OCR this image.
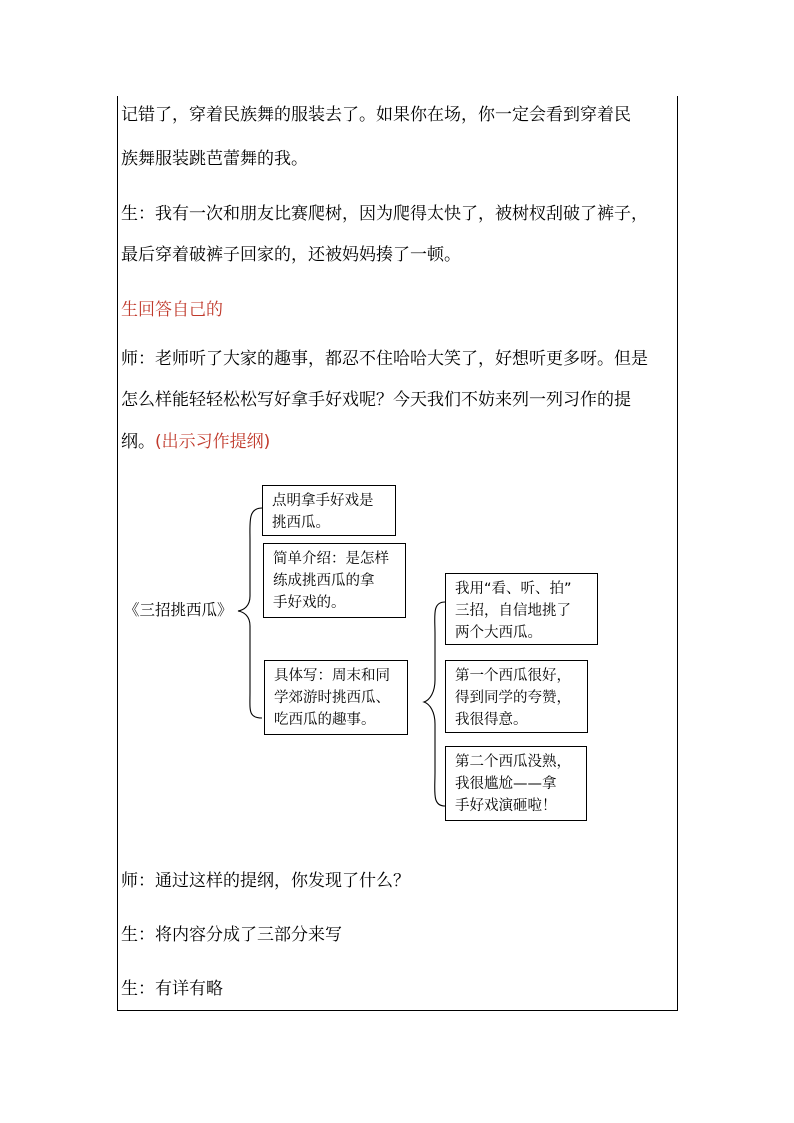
记错了，穿着民族舞的服装去了。如果你在场，你一定会看到穿着民

族舞服装跳芭蕾舞的我。

生：我有一次和朋友比赛爬树，因为爬得太快了，被树杈刮破了裤子，

最后穿着破裤子回家的，还被妈妈揍了一顿。

生回答自己的

师：老师听了大家的趣事，都忍不住哈哈大笑了，好想听更多呀。但是

怎么样能轻轻松松写好拿手好戏呢？今天我们不妨来列一列习作的提

纲。(出示习作提纲)

《三招挑西瓜》
点明拿手好戏是
挑西瓜。
简单介绍：是怎样
练成挑西瓜的拿
手好戏的。
具体写：周末和同
学郊游时挑西瓜、
吃西瓜的趣事。
我用“看、听、拍”
三招，自信地挑了
两个大西瓜。
第一个西瓜很好，
得到同学的夸赞，
我很得意。
第二个西瓜没熟，
我很尴尬——拿
手好戏演砸啦！

师：通过这样的提纲，你发现了什么？

生：将内容分成了三部分来写

生：有详有略
